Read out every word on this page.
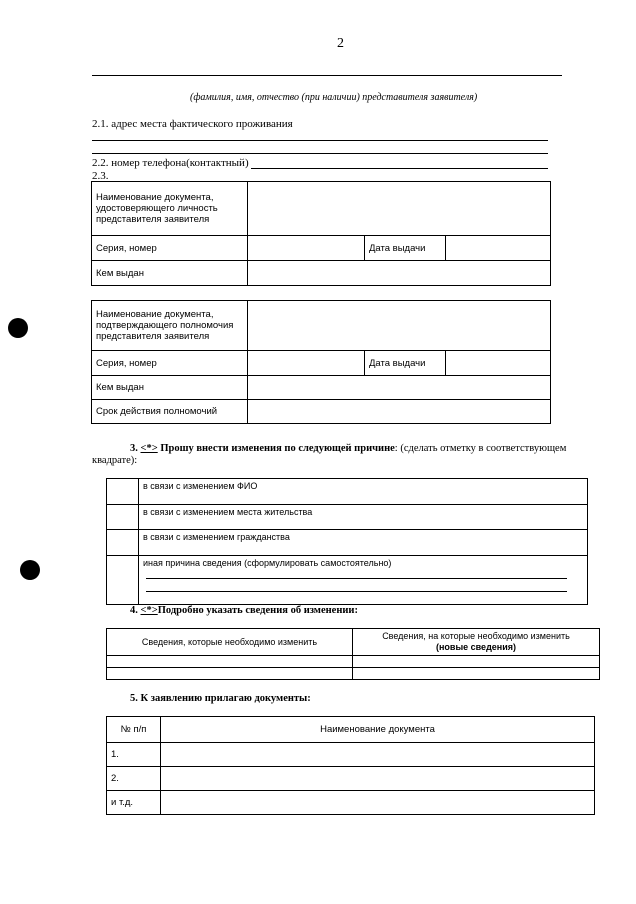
2
(фамилия, имя, отчество (при наличии) представителя заявителя)
2.1. адрес места фактического проживания
2.2. номер телефона(контактный)
2.3.
Наименование документа, удостоверяющего личность представителя заявителя			
Серия, номер		Дата выдачи	
Кем выдан			
Наименование документа, подтверждающего полномочия представителя заявителя			
Серия, номер		Дата выдачи	
Кем выдан			
Срок действия полномочий			
3. <*> Прошу внести изменения по следующей причине: (сделать отметку в соответствующем
квадрате):
	в связи с изменением ФИО
	в связи с изменением места жительства
	в связи с изменением гражданства
	иная причина сведения (сформулировать самостоятельно)
4. <*>Подробно указать сведения об изменении:
Сведения, которые необходимо изменить	Сведения, на которые необходимо изменить
(новые сведения)

5. К заявлению прилагаю документы:
№ п/п	Наименование документа
1.	
2.	
и т.д.	
